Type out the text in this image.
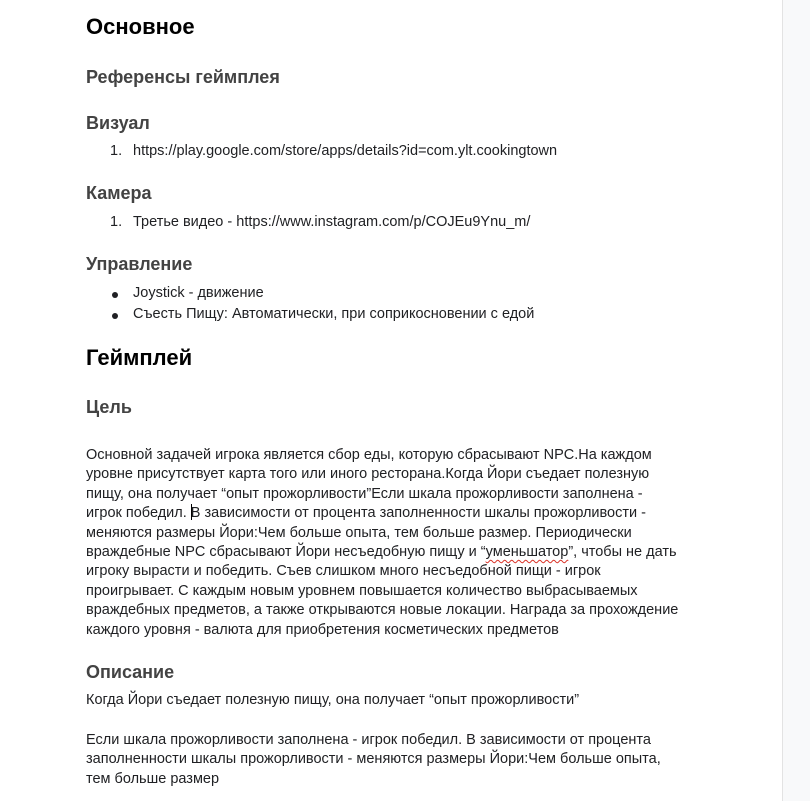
Основное
Референсы геймплея
Визуал
1. https://play.google.com/store/apps/details?id=com.ylt.cookingtown
Камера
1. Третье видео - https://www.instagram.com/p/COJEu9Ynu_m/
Управление
Joystick - движение
Съесть Пищу: Автоматически, при соприкосновении с едой
Геймплей
Цель
Основной задачей игрока является сбор еды, которую сбрасывают NPC.На каждом
уровне присутствует карта того или иного ресторана.Когда Йори съедает полезную
пищу, она получает “опыт прожорливости”Если шкала прожорливости заполнена -
игрок победил. В зависимости от процента заполненности шкалы прожорливости -
меняются размеры Йори:Чем больше опыта, тем больше размер. Периодически
враждебные NPC сбрасывают Йори несъедобную пищу и “уменьшатор”, чтобы не дать
игроку вырасти и победить. Съев слишком много несъедобной пищи - игрок
проигрывает. С каждым новым уровнем повышается количество выбрасываемых
враждебных предметов, а также открываются новые локации. Награда за прохождение
каждого уровня - валюта для приобретения косметических предметов
Описание
Когда Йори съедает полезную пищу, она получает “опыт прожорливости”
Если шкала прожорливости заполнена - игрок победил. В зависимости от процента
заполненности шкалы прожорливости - меняются размеры Йори:Чем больше опыта,
тем больше размер
